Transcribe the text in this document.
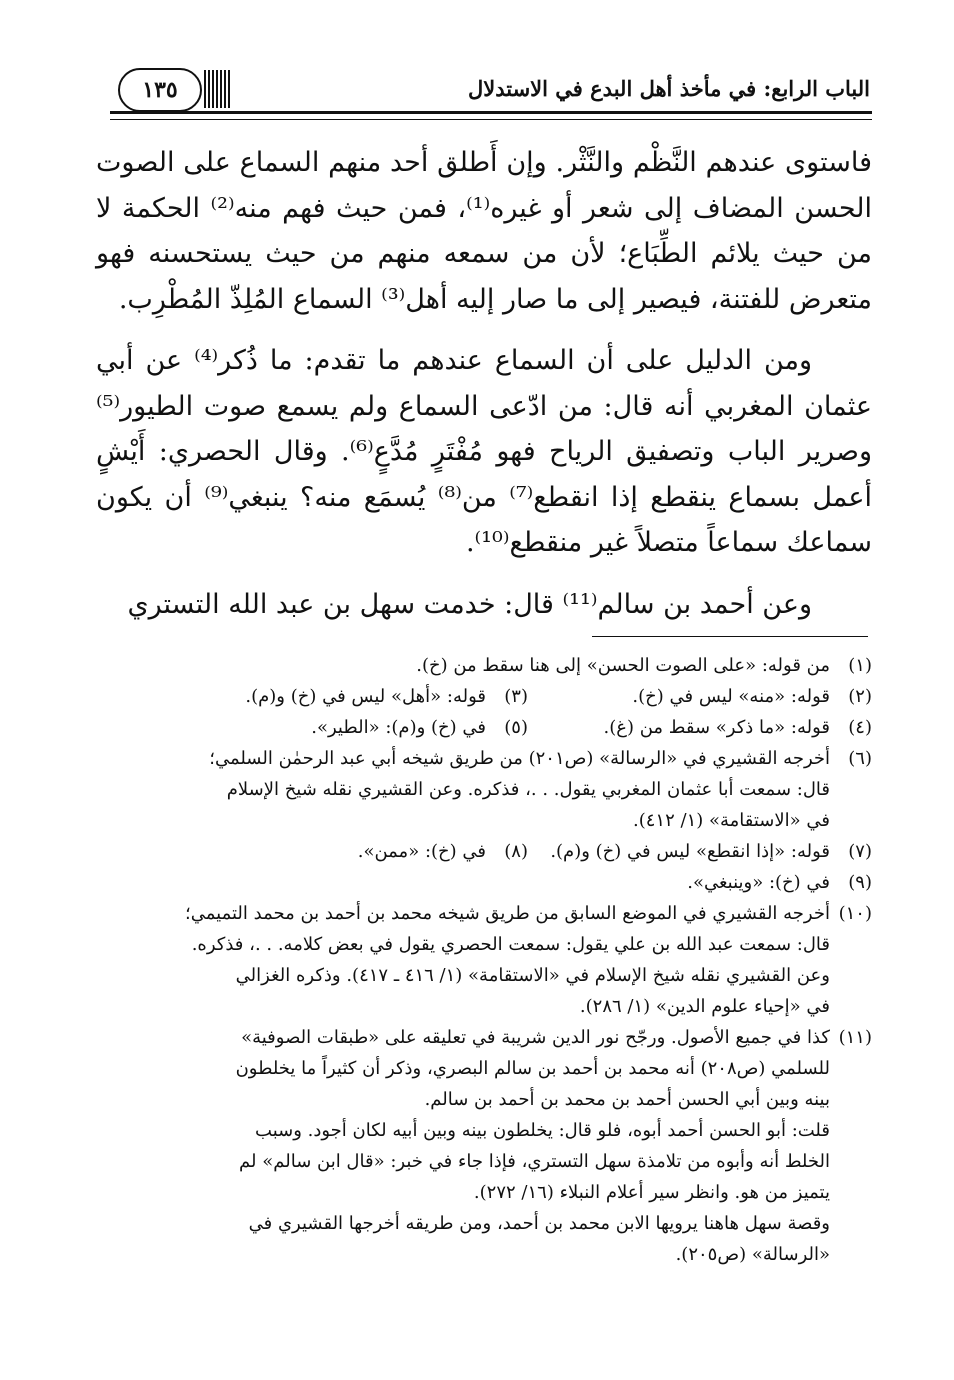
الباب الرابع: في مأخذ أهل البدع في الاستدلال
١٣٥

فاستوى عندهم النَّظْم والنَّثْر. وإن أَطلق أحد منهم السماع على الصوت الحسن المضاف إلى شعر أو غيره⁽¹⁾، فمن حيث فهم منه⁽²⁾ الحكمة لا من حيث يلائم الطِّبَاع؛ لأن من سمعه منهم من حيث يستحسنه فهو متعرض للفتنة، فيصير إلى ما صار إليه أهل⁽³⁾ السماع المُلِذّ المُطْرِب.

ومن الدليل على أن السماع عندهم ما تقدم: ما ذُكر⁽⁴⁾ عن أبي عثمان المغربي أنه قال: من ادّعى السماع ولم يسمع صوت الطيور⁽⁵⁾ وصرير الباب وتصفيق الرياح فهو مُفْتَرٍ مُدَّعٍ⁽⁶⁾. وقال الحصري: أَيْشٍ أعمل بسماع ينقطع إذا انقطع⁽⁷⁾ من⁽⁸⁾ يُسمَع منه؟ ينبغي⁽⁹⁾ أن يكون سماعك سماعاً متصلاً غير منقطع⁽¹⁰⁾.

وعن أحمد بن سالم⁽¹¹⁾ قال: خدمت سهل بن عبد الله التستري

(١)
من قوله: «على الصوت الحسن» إلى هنا سقط من (خ).
(٢)
قوله: «منه» ليس في (خ).
(٣)
قوله: «أهل» ليس في (خ) و(م).
(٤)
قوله: «ما ذكر» سقط من (غ).
(٥)
في (خ) و(م): «الطير».
(٦)

أخرجه القشيري في «الرسالة» (ص٢٠١) من طريق شيخه أبي عبد الرحمٰن السلمي؛

قال: سمعت أبا عثمان المغربي يقول. . .، فذكره. وعن القشيري نقله شيخ الإسلام

في «الاستقامة» (١/ ٤١٢).

(٧)
قوله: «إذا انقطع» ليس في (خ) و(م).
(٨)
في (خ): «ممن».
(٩)
في (خ): «وينبغي».
(١٠)

أخرجه القشيري في الموضع السابق من طريق شيخه محمد بن أحمد بن محمد التميمي؛

قال: سمعت عبد الله بن علي يقول: سمعت الحصري يقول في بعض كلامه. . .، فذكره.

وعن القشيري نقله شيخ الإسلام في «الاستقامة» (١/ ٤١٦ ـ ٤١٧). وذكره الغزالي

في «إحياء علوم الدين» (١/ ٢٨٦).

(١١)

كذا في جميع الأصول. ورجّح نور الدين شريبة في تعليقه على «طبقات الصوفية»

للسلمي (ص٢٠٨) أنه محمد بن أحمد بن سالم البصري، وذكر أن كثيراً ما يخلطون

بينه وبين أبي الحسن أحمد بن محمد بن أحمد بن سالم.

قلت: أبو الحسن أحمد أبوه، فلو قال: يخلطون بينه وبين أبيه لكان أجود. وسبب

الخلط أنه وأبوه من تلامذة سهل التستري، فإذا جاء في خبر: «قال ابن سالم» لم

يتميز من هو. وانظر سير أعلام النبلاء (١٦/ ٢٧٢).

وقصة سهل هاهنا يرويها الابن محمد بن أحمد، ومن طريقه أخرجها القشيري في

«الرسالة» (ص٢٠٥).
